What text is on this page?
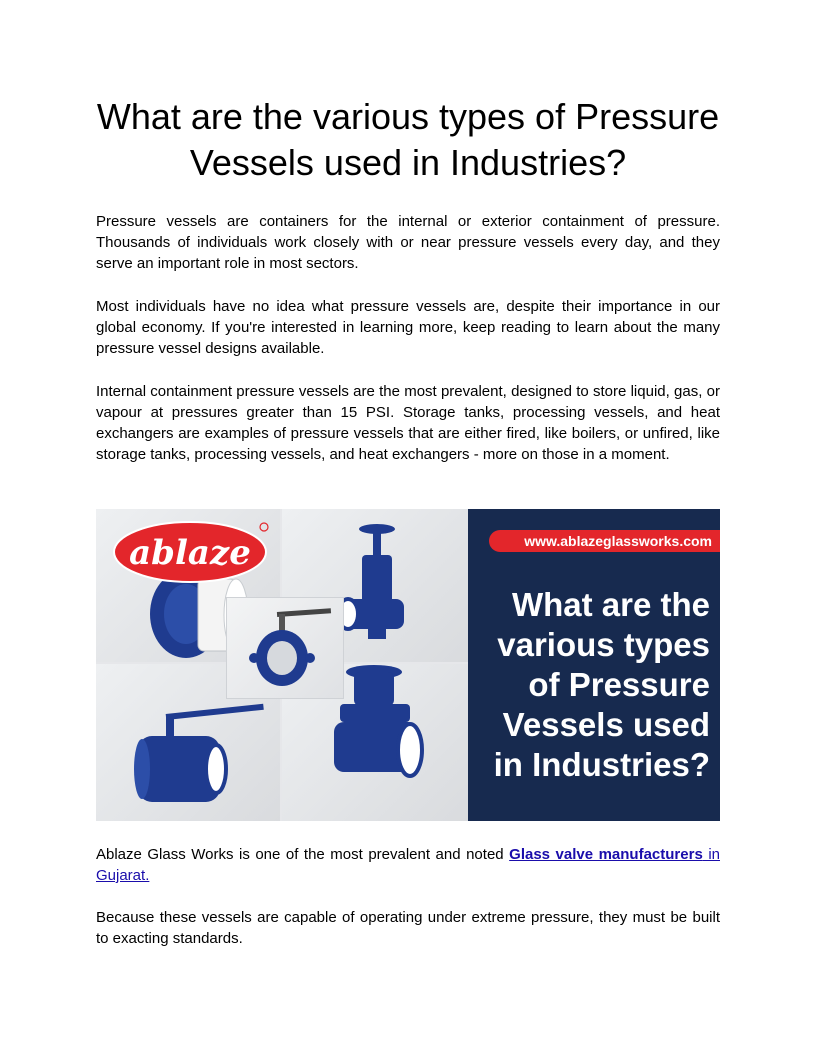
What are the various types of Pressure Vessels used in Industries?

Pressure vessels are containers for the internal or exterior containment of pressure. Thousands of individuals work closely with or near pressure vessels every day, and they serve an important role in most sectors.

Most individuals have no idea what pressure vessels are, despite their importance in our global economy. If you're interested in learning more, keep reading to learn about the many pressure vessel designs available.

Internal containment pressure vessels are the most prevalent, designed to store liquid, gas, or vapour at pressures greater than 15 PSI. Storage tanks, processing vessels, and heat exchangers are examples of pressure vessels that are either fired, like boilers, or unfired, like storage tanks, processing vessels, and heat exchangers - more on those in a moment.

ablaze	www.ablazeglassworks.com
What are the various types of Pressure Vessels used in Industries?

Ablaze Glass Works is one of the most prevalent and noted Glass valve manufacturers in Gujarat.

Because these vessels are capable of operating under extreme pressure, they must be built to exacting standards.
